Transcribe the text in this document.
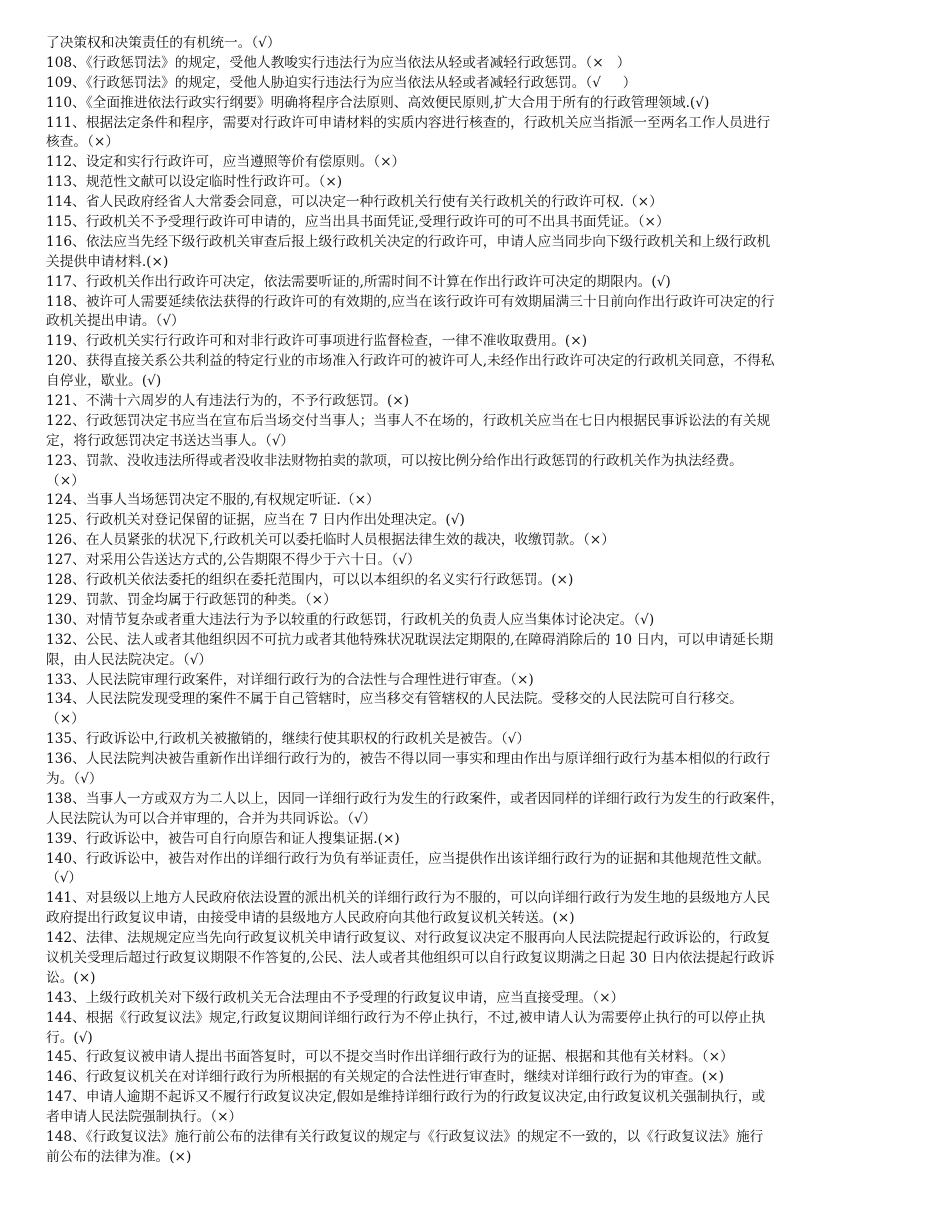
了决策权和决策责任的有机统一。（√）
108、《行政惩罚法》的规定，受他人教唆实行违法行为应当依法从轻或者减轻行政惩罚。（×   ）
109、《行政惩罚法》的规定，受他人胁迫实行违法行为应当依法从轻或者减轻行政惩罚。（√     ）
110、《全面推进依法行政实行纲要》明确将程序合法原则、高效便民原则,扩大合用于所有的行政管理领域.(√)
111、根据法定条件和程序，需要对行政许可申请材料的实质内容进行核查的，行政机关应当指派一至两名工作人员进行
核查。（×）
112、设定和实行行政许可，应当遵照等价有偿原则。（×）
113、规范性文献可以设定临时性行政许可。（×)
114、省人民政府经省人大常委会同意，可以决定一种行政机关行使有关行政机关的行政许可权.（×）
115、行政机关不予受理行政许可申请的，应当出具书面凭证,受理行政许可的可不出具书面凭证。（×）
116、依法应当先经下级行政机关审查后报上级行政机关决定的行政许可，申请人应当同步向下级行政机关和上级行政机
关提供申请材料.(×)
117、行政机关作出行政许可决定，依法需要听证的,所需时间不计算在作出行政许可决定的期限内。(√)
118、被许可人需要延续依法获得的行政许可的有效期的,应当在该行政许可有效期届满三十日前向作出行政许可决定的行
政机关提出申请。（√）
119、行政机关实行行政许可和对非行政许可事项进行监督检查，一律不准收取费用。(×)
120、获得直接关系公共利益的特定行业的市场准入行政许可的被许可人,未经作出行政许可决定的行政机关同意，不得私
自停业，歇业。(√)
121、不满十六周岁的人有违法行为的，不予行政惩罚。(×)
122、行政惩罚决定书应当在宣布后当场交付当事人；当事人不在场的，行政机关应当在七日内根据民事诉讼法的有关规
定，将行政惩罚决定书送达当事人。（√）
123、罚款、没收违法所得或者没收非法财物拍卖的款项，可以按比例分给作出行政惩罚的行政机关作为执法经费。
（×）
124、当事人当场惩罚决定不服的,有权规定听证.（×）
125、行政机关对登记保留的证据，应当在 7 日内作出处理决定。(√)
126、在人员紧张的状况下,行政机关可以委托临时人员根据法律生效的裁决，收缴罚款。（×）
127、对采用公告送达方式的,公告期限不得少于六十日。（√）
128、行政机关依法委托的组织在委托范围内，可以以本组织的名义实行行政惩罚。(×)
129、罚款、罚金均属于行政惩罚的种类。（×）
130、对情节复杂或者重大违法行为予以较重的行政惩罚，行政机关的负责人应当集体讨论决定。（√)
132、公民、法人或者其他组织因不可抗力或者其他特殊状况耽误法定期限的,在障碍消除后的 10 日内，可以申请延长期
限，由人民法院决定。（√）
133、人民法院审理行政案件，对详细行政行为的合法性与合理性进行审查。（×)
134、人民法院发现受理的案件不属于自己管辖时，应当移交有管辖权的人民法院。受移交的人民法院可自行移交。
（×）
135、行政诉讼中,行政机关被撤销的，继续行使其职权的行政机关是被告。（√）
136、人民法院判决被告重新作出详细行政行为的，被告不得以同一事实和理由作出与原详细行政行为基本相似的行政行
为。（√）
138、当事人一方或双方为二人以上，因同一详细行政行为发生的行政案件，或者因同样的详细行政行为发生的行政案件，
人民法院认为可以合并审理的，合并为共同诉讼。（√）
139、行政诉讼中，被告可自行向原告和证人搜集证据.(×)
140、行政诉讼中，被告对作出的详细行政行为负有举证责任，应当提供作出该详细行政行为的证据和其他规范性文献。
（√）
141、对县级以上地方人民政府依法设置的派出机关的详细行政行为不服的，可以向详细行政行为发生地的县级地方人民
政府提出行政复议申请，由接受申请的县级地方人民政府向其他行政复议机关转送。(×)
142、法律、法规规定应当先向行政复议机关申请行政复议、对行政复议决定不服再向人民法院提起行政诉讼的，行政复
议机关受理后超过行政复议期限不作答复的,公民、法人或者其他组织可以自行政复议期满之日起 30 日内依法提起行政诉
讼。(×)
143、上级行政机关对下级行政机关无合法理由不予受理的行政复议申请，应当直接受理。（×）
144、根据《行政复议法》规定,行政复议期间详细行政行为不停止执行，不过,被申请人认为需要停止执行的可以停止执
行。(√)
145、行政复议被申请人提出书面答复时，可以不提交当时作出详细行政行为的证据、根据和其他有关材料。（×）
146、行政复议机关在对详细行政行为所根据的有关规定的合法性进行审查时，继续对详细行政行为的审查。(×)
147、申请人逾期不起诉又不履行行政复议决定,假如是维持详细行政行为的行政复议决定,由行政复议机关强制执行，或
者申请人民法院强制执行。（×）
148、《行政复议法》施行前公布的法律有关行政复议的规定与《行政复议法》的规定不一致的，以《行政复议法》施行
前公布的法律为准。(×)
